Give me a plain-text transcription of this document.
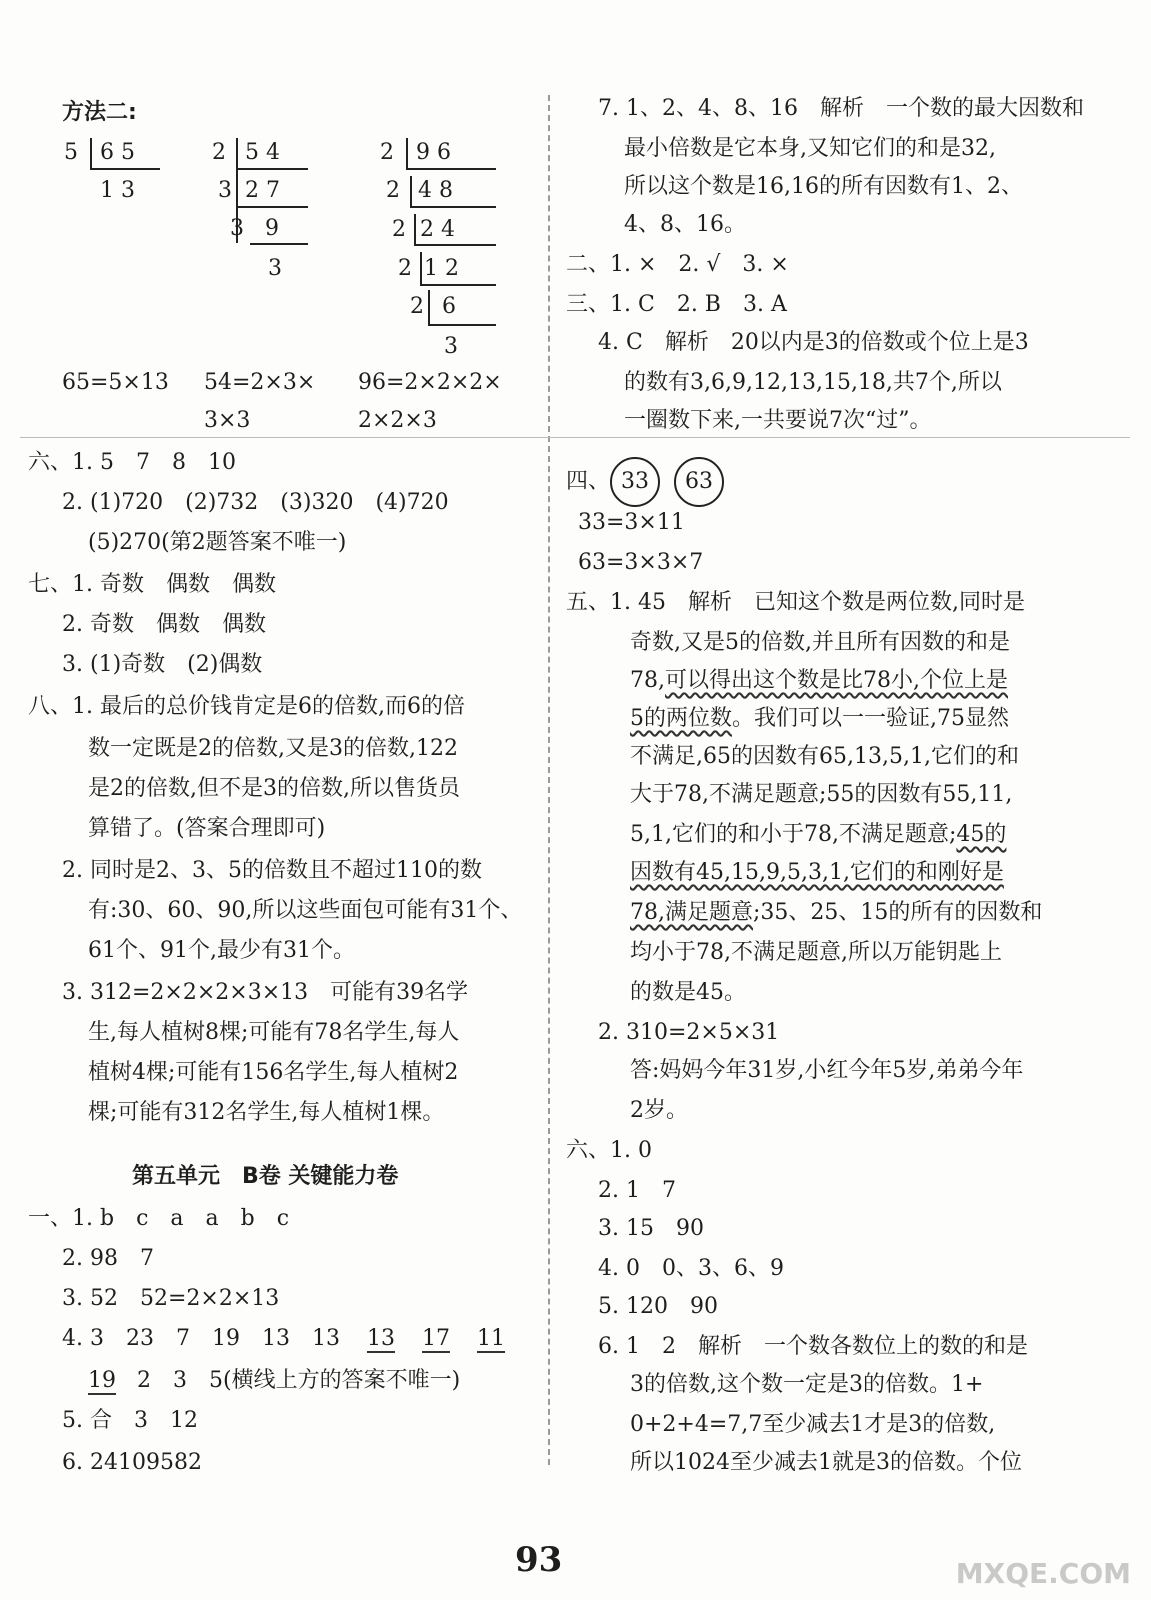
方法二:
5 6 5
1 3
2 5 4
3 2 7
3 9
3
2 9 6
2 4 8
2 2 4
2 1 2
2 6
3
65=5×13 54=2×3×
3×3
96=2×2×2×
2×2×3
六、1. 5　7　8　10
2. (1)720　(2)732　(3)320　(4)720
(5)270(第2题答案不唯一)
七、1. 奇数　偶数　偶数
2. 奇数　偶数　偶数
3. (1)奇数　(2)偶数
八、1. 最后的总价钱肯定是6的倍数,而6的倍
数一定既是2的倍数,又是3的倍数,122
是2的倍数,但不是3的倍数,所以售货员
算错了。(答案合理即可)
2. 同时是2、3、5的倍数且不超过110的数
有:30、60、90,所以这些面包可能有31个、
61个、91个,最少有31个。
3. 312=2×2×2×3×13　可能有39名学
生,每人植树8棵;可能有78名学生,每人
植树4棵;可能有156名学生,每人植树2
棵;可能有312名学生,每人植树1棵。
第五单元　B卷 关键能力卷
一、1. b　c　a　a　b　c
2. 98　7
3. 52　52=2×2×13
4. 3　23　7　19　13　13 13 17 11
19 2　3　5(横线上方的答案不唯一)
5. 合　3　12
6. 24109582
7. 1、2、4、8、16　解析　一个数的最大因数和
最小倍数是它本身,又知它们的和是32,
所以这个数是16,16的所有因数有1、2、
4、8、16。
二、1. ×　2. √　3. ×
三、1. C　2. B　3. A
4. C　解析　20以内是3的倍数或个位上是3
的数有3,6,9,12,13,15,18,共7个,所以
一圈数下来,一共要说7次“过”。
四、 33 63
33=3×11
63=3×3×7
五、1. 45　解析　已知这个数是两位数,同时是
奇数,又是5的倍数,并且所有因数的和是
78,可以得出这个数是比78小,个位上是
5的两位数。我们可以一一验证,75显然
不满足,65的因数有65,13,5,1,它们的和
大于78,不满足题意;55的因数有55,11,
5,1,它们的和小于78,不满足题意;45的
因数有45,15,9,5,3,1,它们的和刚好是
78,满足题意;35、25、15的所有的因数和
均小于78,不满足题意,所以万能钥匙上
的数是45。
2. 310=2×5×31
答:妈妈今年31岁,小红今年5岁,弟弟今年
2岁。
六、1. 0
2. 1　7
3. 15　90
4. 0　0、3、6、9
5. 120　90
6. 1　2　解析　一个数各数位上的数的和是
3的倍数,这个数一定是3的倍数。1+
0+2+4=7,7至少减去1才是3的倍数,
所以1024至少减去1就是3的倍数。个位
93	MXQE.COM
